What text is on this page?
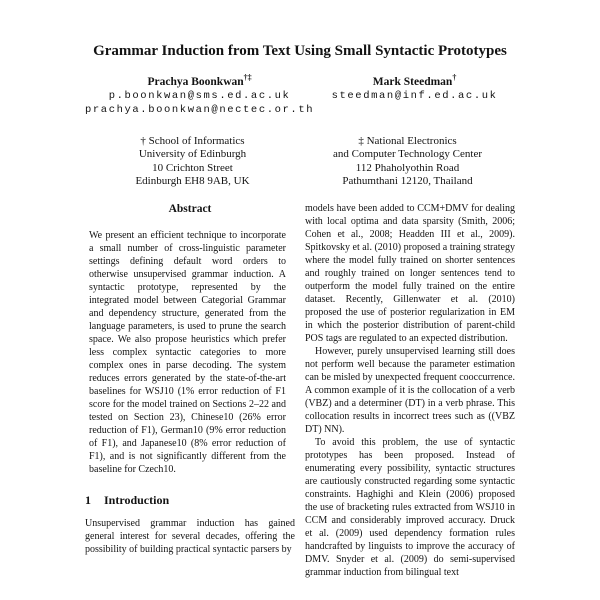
Grammar Induction from Text Using Small Syntactic Prototypes
Prachya Boonkwan†‡
p.boonkwan@sms.ed.ac.uk
prachya.boonkwan@nectec.or.th
Mark Steedman†
steedman@inf.ed.ac.uk
† School of Informatics
University of Edinburgh
10 Crichton Street
Edinburgh EH8 9AB, UK
‡ National Electronics
and Computer Technology Center
112 Phaholyothin Road
Pathumthani 12120, Thailand
Abstract

We present an efficient technique to incorporate a small number of cross-linguistic parameter settings defining default word orders to otherwise unsupervised grammar induction. A syntactic prototype, represented by the integrated model between Categorial Grammar and dependency structure, generated from the language parameters, is used to prune the search space. We also propose heuristics which prefer less complex syntactic categories to more complex ones in parse decoding. The system reduces errors generated by the state-of-the-art baselines for WSJ10 (1% error reduction of F1 score for the model trained on Sections 2–22 and tested on Section 23), Chinese10 (26% error reduction of F1), German10 (9% error reduction of F1), and Japanese10 (8% error reduction of F1), and is not significantly different from the baseline for Czech10.

1 Introduction

Unsupervised grammar induction has gained general interest for several decades, offering the possibility of building practical syntactic parsers by

models have been added to CCM+DMV for dealing with local optima and data sparsity (Smith, 2006; Cohen et al., 2008; Headden III et al., 2009). Spitkovsky et al. (2010) proposed a training strategy where the model fully trained on shorter sentences and roughly trained on longer sentences tend to outperform the model fully trained on the entire dataset. Recently, Gillenwater et al. (2010) proposed the use of posterior regularization in EM in which the posterior distribution of parent-child POS tags are regulated to an expected distribution.

However, purely unsupervised learning still does not perform well because the parameter estimation can be misled by unexpected frequent cooccurrence. A common example of it is the collocation of a verb (VBZ) and a determiner (DT) in a verb phrase. This collocation results in incorrect trees such as ((VBZ DT) NN).

To avoid this problem, the use of syntactic prototypes has been proposed. Instead of enumerating every possibility, syntactic structures are cautiously constructed regarding some syntactic constraints. Haghighi and Klein (2006) proposed the use of bracketing rules extracted from WSJ10 in CCM and considerably improved accuracy. Druck et al. (2009) used dependency formation rules handcrafted by linguists to improve the accuracy of DMV. Snyder et al. (2009) do semi-supervised grammar induction from bilingual text
